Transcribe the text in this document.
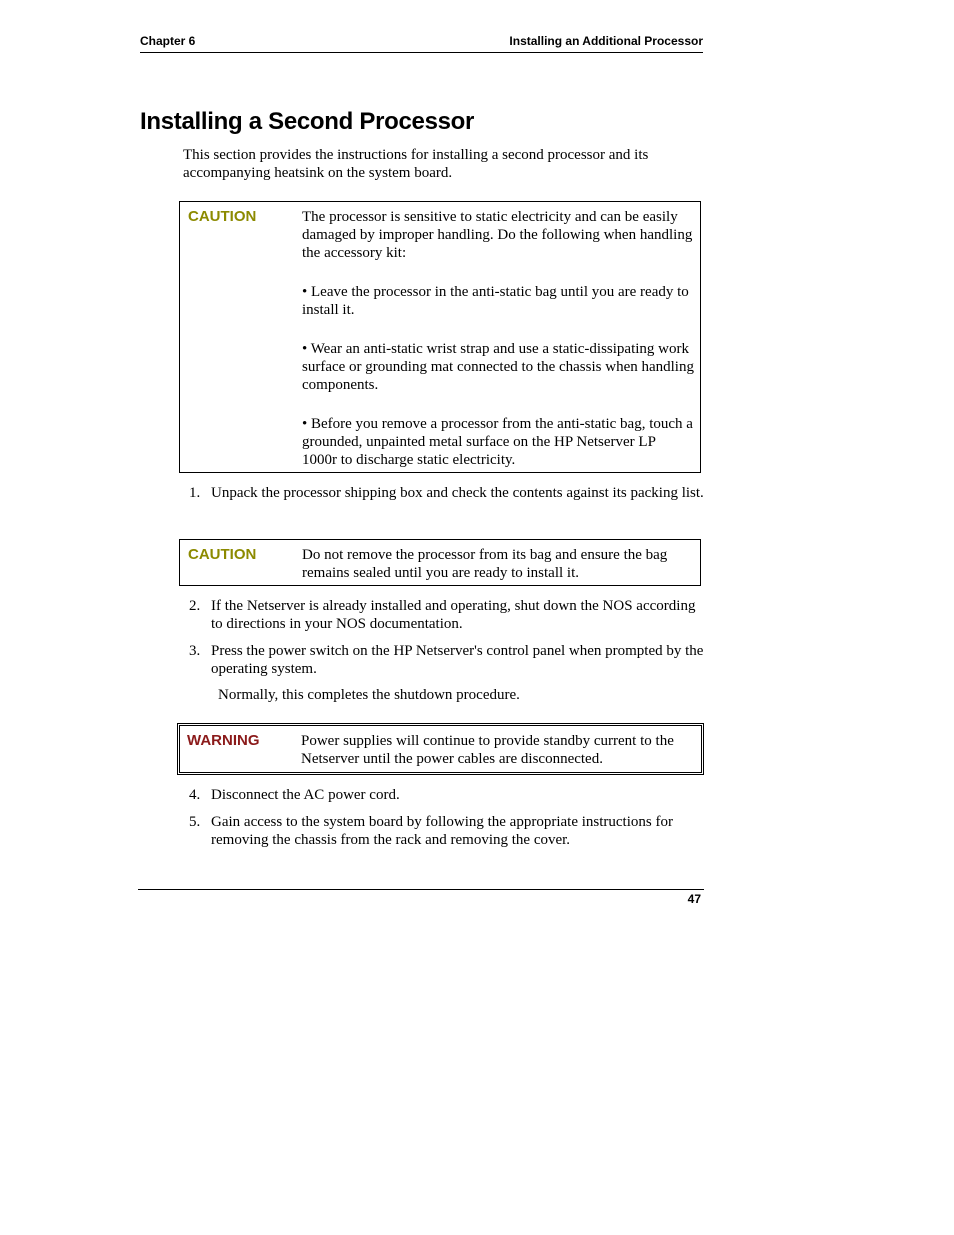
Chapter 6	Installing an Additional Processor
Installing a Second Processor

This section provides the instructions for installing a second processor and its accompanying heatsink on the system board.

CAUTION	The processor is sensitive to static electricity and can be easily damaged by improper handling. Do the following when handling the accessory kit:

• Leave the processor in the anti-static bag until you are ready to install it.

• Wear an anti-static wrist strap and use a static-dissipating work surface or grounding mat connected to the chassis when handling components.

• Before you remove a processor from the anti-static bag, touch a grounded, unpainted metal surface on the HP Netserver LP 1000r to discharge static electricity.

1. Unpack the processor shipping box and check the contents against its packing list.
CAUTION	Do not remove the processor from its bag and ensure the bag remains sealed until you are ready to install it.

2. If the Netserver is already installed and operating, shut down the NOS according to directions in your NOS documentation.
3. Press the power switch on the HP Netserver's control panel when prompted by the operating system.
Normally, this completes the shutdown procedure.
WARNING	Power supplies will continue to provide standby current to the Netserver until the power cables are disconnected.

4. Disconnect the AC power cord.
5. Gain access to the system board by following the appropriate instructions for removing the chassis from the rack and removing the cover.
47
